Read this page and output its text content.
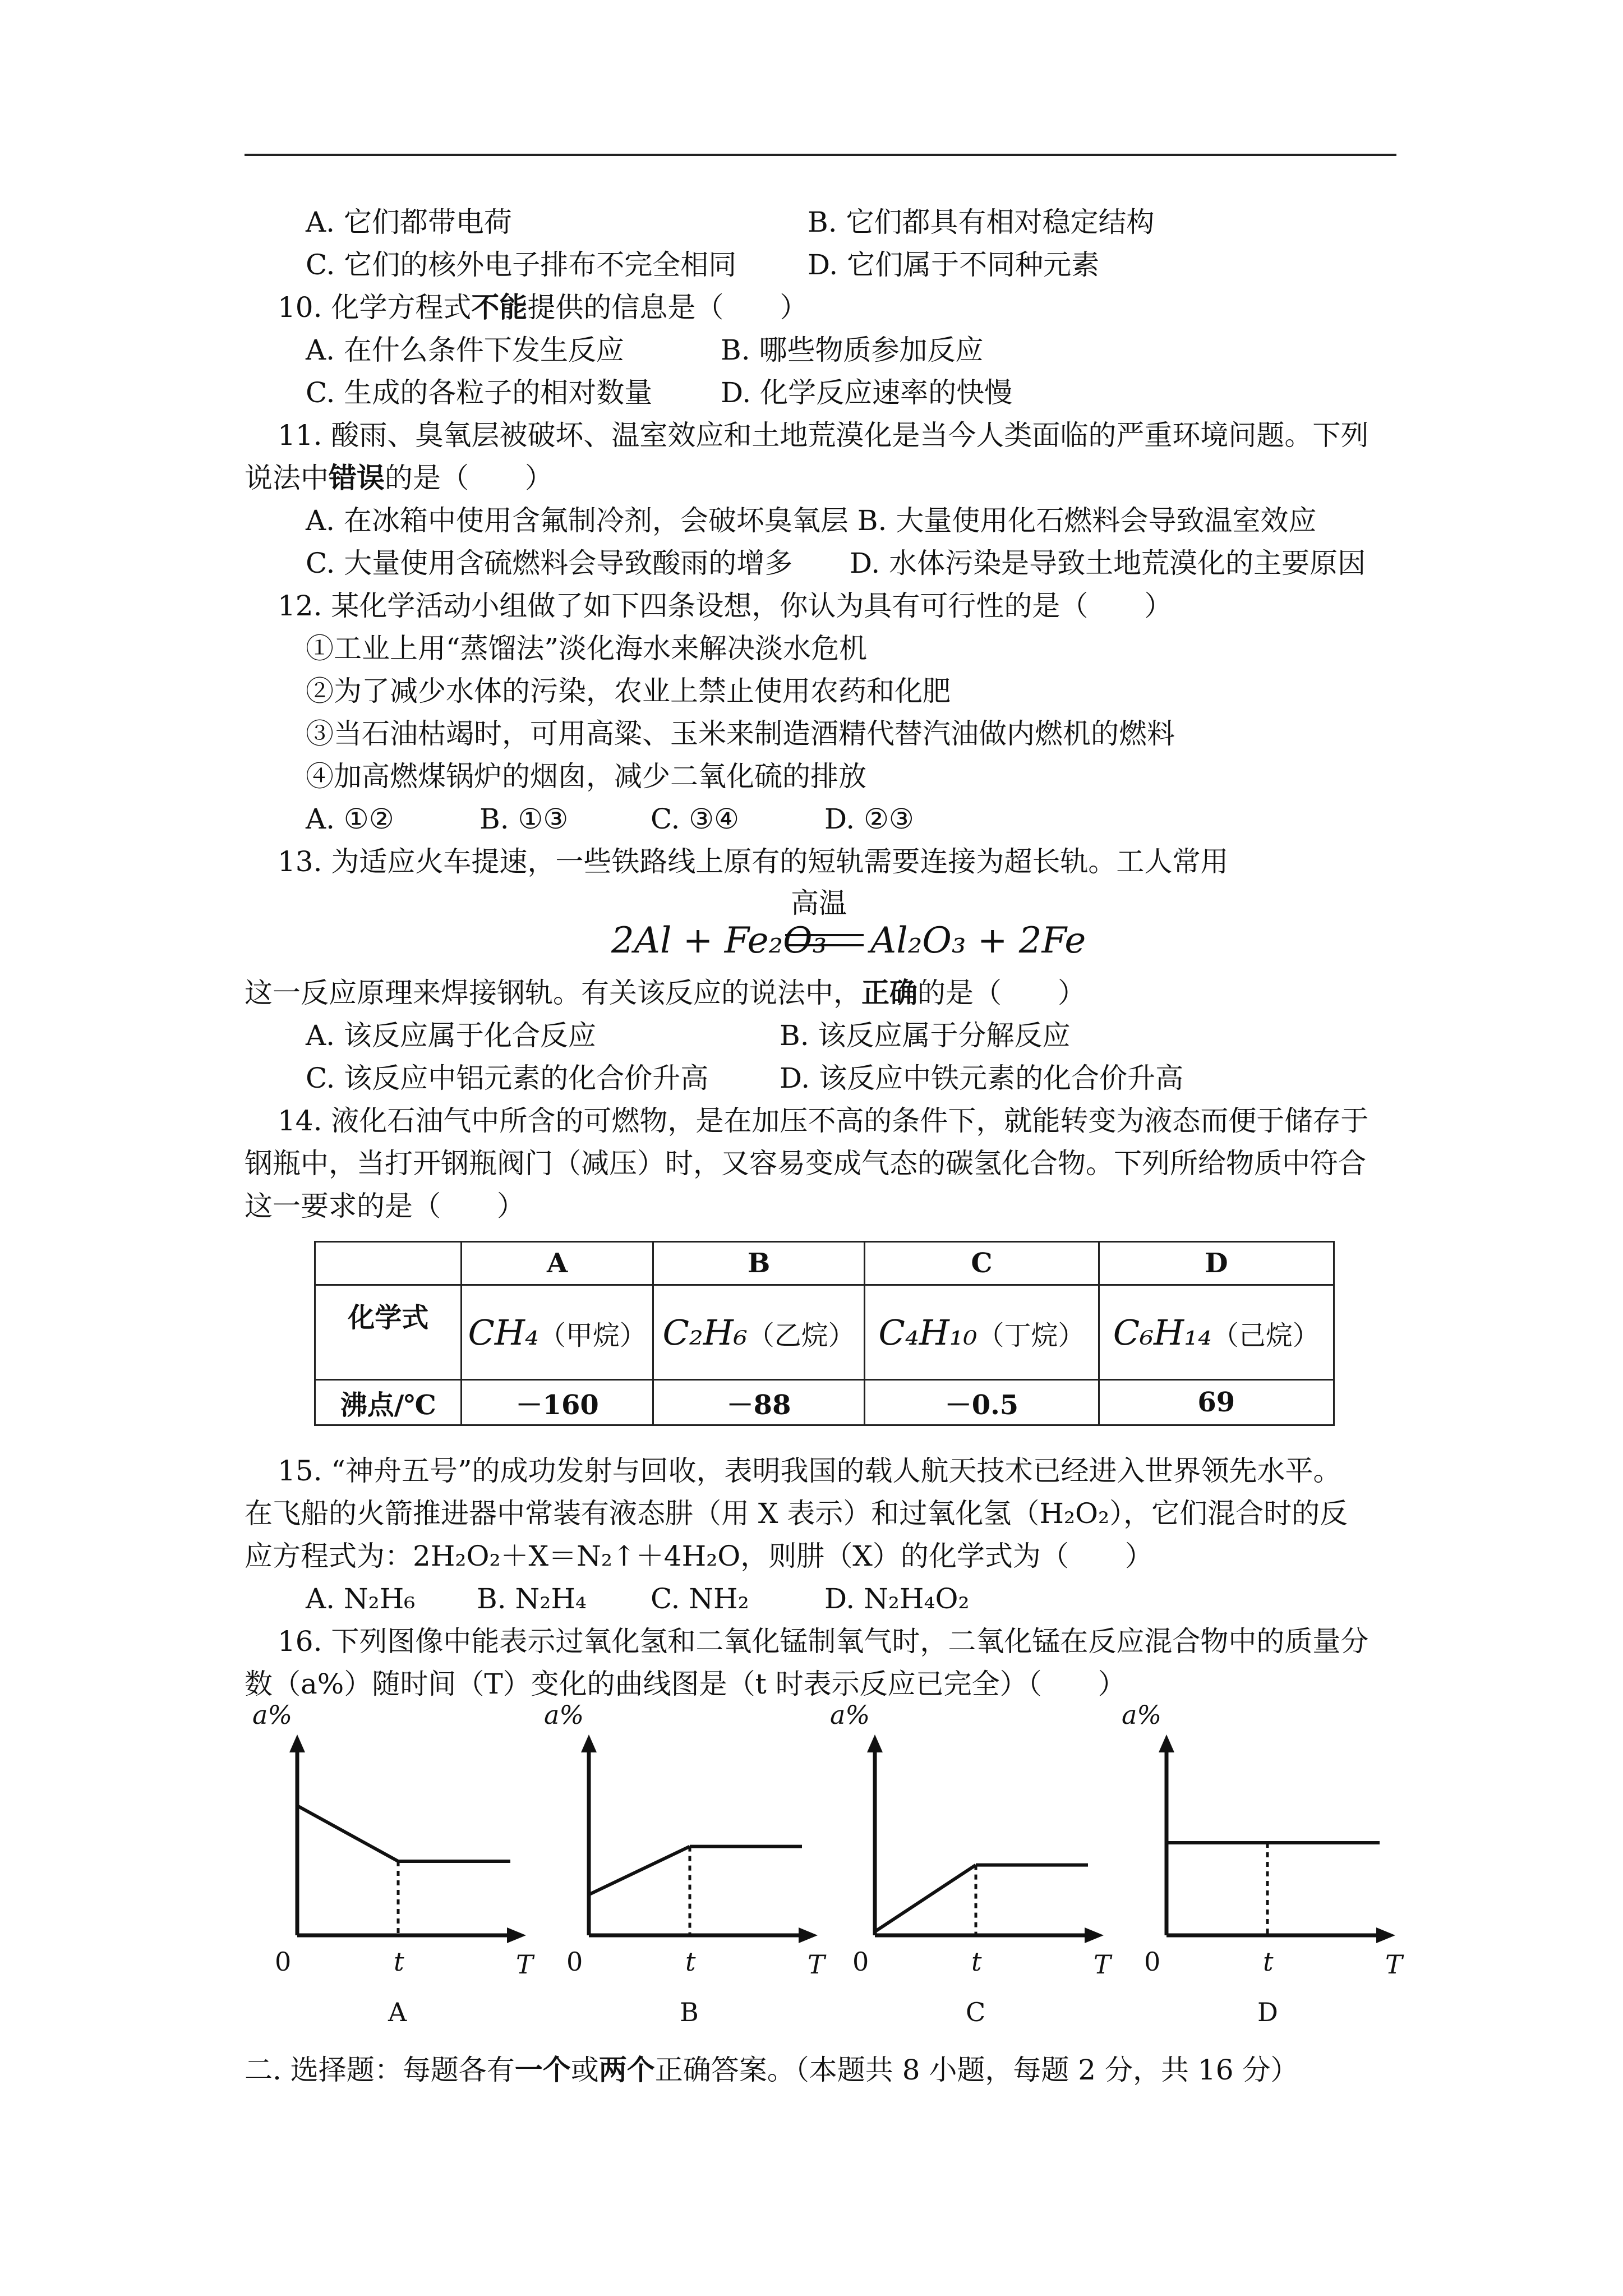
A. 它们都带电荷	B. 它们都具有相对稳定结构
C. 它们的核外电子排布不完全相同	D. 它们属于不同种元素
10. 化学方程式不能提供的信息是（　　）
A. 在什么条件下发生反应	B. 哪些物质参加反应
C. 生成的各粒子的相对数量 D. 化学反应速率的快慢
11. 酸雨、臭氧层被破坏、温室效应和土地荒漠化是当今人类面临的严重环境问题。下列
说法中错误的是（　　）
A. 在冰箱中使用含氟制冷剂，会破坏臭氧层 B. 大量使用化石燃料会导致温室效应
C. 大量使用含硫燃料会导致酸雨的增多 D. 水体污染是导致土地荒漠化的主要原因
12. 某化学活动小组做了如下四条设想，你认为具有可行性的是（　　）
①工业上用“蒸馏法”淡化海水来解决淡水危机
②为了减少水体的污染，农业上禁止使用农药和化肥
③当石油枯竭时，可用高粱、玉米来制造酒精代替汽油做内燃机的燃料
④加高燃煤锅炉的烟囱，减少二氧化硫的排放
A. ①②	B. ①③	C. ③④	D. ②③
13. 为适应火车提速，一些铁路线上原有的短轨需要连接为超长轨。工人常用
2Al + Fe₂O₃
高温
Al₂O₃ + 2Fe
这一反应原理来焊接钢轨。有关该反应的说法中，正确的是（　　）
A. 该反应属于化合反应	B. 该反应属于分解反应
C. 该反应中铝元素的化合价升高	D. 该反应中铁元素的化合价升高
14. 液化石油气中所含的可燃物，是在加压不高的条件下，就能转变为液态而便于储存于
钢瓶中，当打开钢瓶阀门（减压）时，又容易变成气态的碳氢化合物。下列所给物质中符合
这一要求的是（　　）
	A	B	C	D
化学式	CH₄（甲烷）	C₂H₆（乙烷）	C₄H₁₀（丁烷）	C₆H₁₄（己烷）
沸点/℃	－160	－88	－0.5	69
15. “神舟五号”的成功发射与回收，表明我国的载人航天技术已经进入世界领先水平。
在飞船的火箭推进器中常装有液态肼（用 X 表示）和过氧化氢（H₂O₂），它们混合时的反
应方程式为：2H₂O₂＋X＝N₂↑＋4H₂O，则肼（X）的化学式为（　　）
A. N₂H₆ B. N₂H₄ C. NH₂	D. N₂H₄O₂
16. 下列图像中能表示过氧化氢和二氧化锰制氧气时，二氧化锰在反应混合物中的质量分
数（a%）随时间（T）变化的曲线图是（t 时表示反应已完全）（　　）
a%
0	t	T
A
a%
0	t	T
B
a%
0	t	T
C
a%
0	t	T
D
二. 选择题：每题各有一个或两个正确答案。（本题共 8 小题，每题 2 分，共 16 分）
